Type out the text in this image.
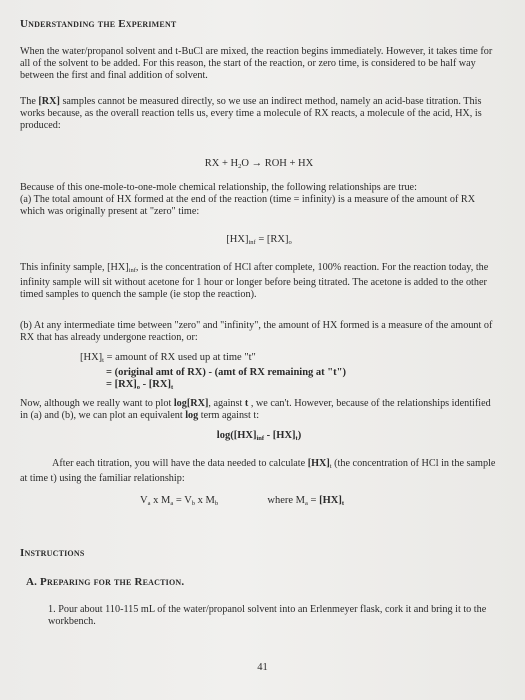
Understanding the Experiment
When the water/propanol solvent and t-BuCl are mixed, the reaction begins immediately. However, it takes time for all of the solvent to be added. For this reason, the start of the reaction, or zero time, is considered to be half way between the first and final addition of solvent.
The [RX] samples cannot be measured directly, so we use an indirect method, namely an acid-base titration. This works because, as the overall reaction tells us, every time a molecule of RX reacts, a molecule of the acid, HX, is produced:
RX + $H_2O$ → ROH + HX
Because of this one-mole-to-one-mole chemical relationship, the following relationships are true:
(a) The total amount of HX formed at the end of the reaction (time = infinity) is a measure of the amount of RX which was originally present at "zero" time:
$[HX]_{inf} = [RX]_o$
This infinity sample, $[HX]_{inf}$, is the concentration of HCl after complete, 100% reaction. For the reaction today, the infinity sample will sit without acetone for 1 hour or longer before being titrated. The acetone is added to the other timed samples to quench the sample (ie stop the reaction).
(b) At any intermediate time between "zero" and "infinity", the amount of HX formed is a measure of the amount of RX that has already undergone reaction, or:
$[HX]_t$ = amount of RX used up at time "t"
= (original amt of RX) - (amt of RX remaining at "t")
= $[RX]_o - [RX]_t$
Now, although we really want to plot log[RX], against t , we can't. However, because of the relationships identified in (a) and (b), we can plot an equivalent log term against t:
$\log([HX]_{inf} - [HX]_t)$
After each titration, you will have the data needed to calculate $[HX]_t$ (the concentration of HCl in the sample at time t) using the familiar relationship:
$V_a$ x $M_a = V_b$ x $M_b$	where $M_a = [HX]_t$
Instructions
A. Preparing for the Reaction.
1. Pour about 110-115 mL of the water/propanol solvent into an Erlenmeyer flask, cork it and bring it to the workbench.
41
